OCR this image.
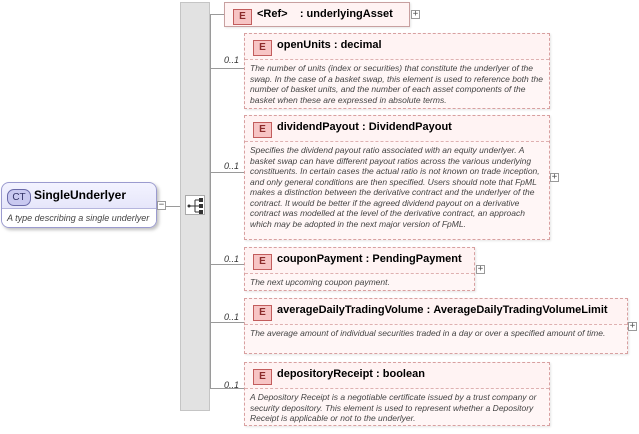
CT SingleUnderlyer
A type describing a single underlyer
−
E	<Ref> : underlyingAsset +
0..1
E	openUnits : decimal
The number of units (index or securities) that constitute the underlyer of the swap. In the case of a basket swap, this element is used to reference both the number of basket units, and the number of each asset components of the basket when these are expressed in absolute terms.
0..1
E	dividendPayout : DividendPayout
Specifies the dividend payout ratio associated with an equity underlyer. A basket swap can have different payout ratios across the various underlying constituents. In certain cases the actual ratio is not known on trade inception, and only general conditions are then specified. Users should note that FpML makes a distinction between the derivative contract and the underlyer of the contract. It would be better if the agreed dividend payout on a derivative contract was modelled at the level of the derivative contract, an approach which may be adopted in the next major version of FpML.
+
0..1	E	couponPayment : PendingPayment
The next upcoming coupon payment.
+
0..1	E	averageDailyTradingVolume : AverageDailyTradingVolumeLimit
The average amount of individual securities traded in a day or over a specified amount of time.
+
0..1
E	depositoryReceipt : boolean
A Depository Receipt is a negotiable certificate issued by a trust company or security depository. This element is used to represent whether a Depository Receipt is applicable or not to the underlyer.
